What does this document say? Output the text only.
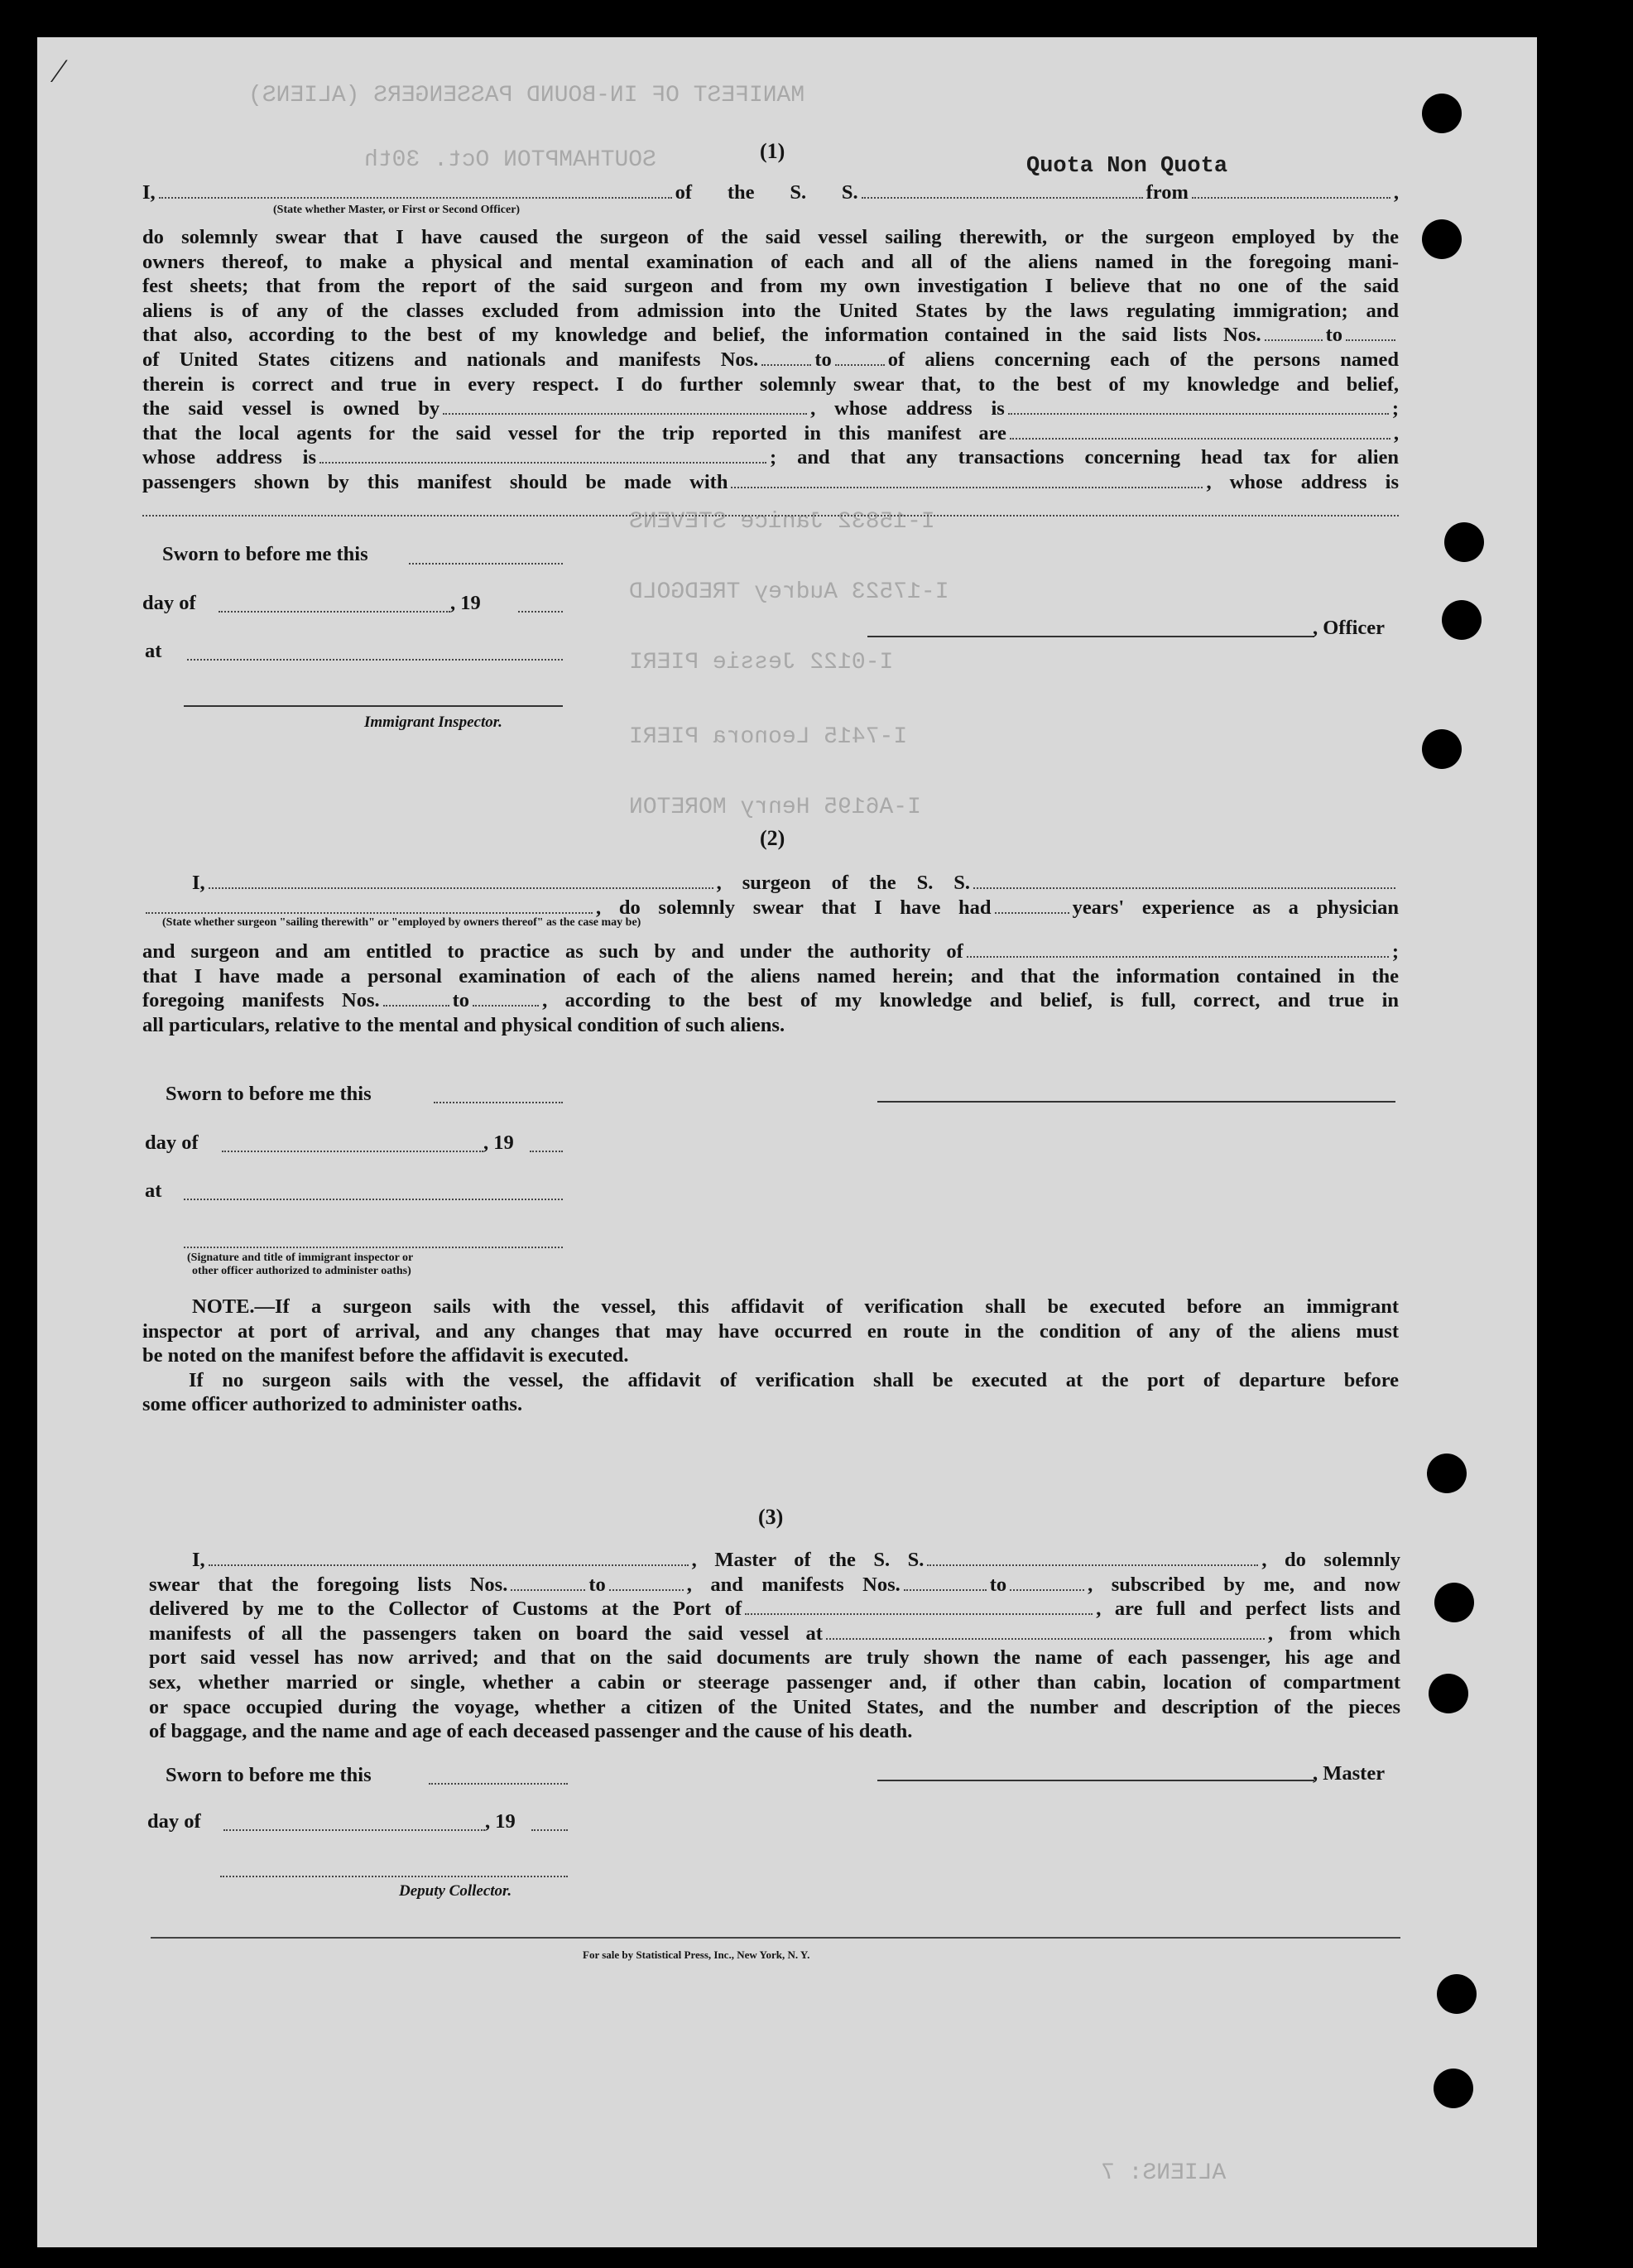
⁄
MANIFEST OF IN-BOUND PASSENGERS (ALIENS)
SOUTHAMPTON Oct. 30th
I-15832 Janice STEVENS
I-17523 Audrey TREDGOLD
I-0122 Jessie PIERI
I-7415 Leonora PIERI
I-A6195 Henry MORETON
ALIENS: 7
Quota Non Quota
(1)

I,	of the S. S.	from	,

(State whether Master, or First or Second Officer)

do solemnly swear that I have caused the surgeon of the said vessel sailing therewith, or the surgeon employed by the

owners thereof, to make a physical and mental examination of each and all of the aliens named in the foregoing mani-

fest sheets; that from the report of the said surgeon and from my own investigation I believe that no one of the said

aliens is of any of the classes excluded from admission into the United States by the laws regulating immigration; and

that also, according to the best of my knowledge and belief, the information contained in the said lists Nos.	to

of United States citizens and nationals and manifests Nos.	to	of aliens concerning each of the persons named

therein is correct and true in every respect. I do further solemnly swear that, to the best of my knowledge and belief,

the said vessel is owned by	, whose address is	;

that the local agents for the said vessel for the trip reported in this manifest are	,

whose address is	; and that any transactions concerning head tax for alien

passengers shown by this manifest should be made with	, whose address is

Sworn to before me this
day of	, 19
at
Immigrant Inspector.
, Officer
(2)

I,	, surgeon of the S. S.

, do solemnly swear that I have had	years' experience as a physician

(State whether surgeon "sailing therewith" or "employed by owners thereof" as the case may be)

and surgeon and am entitled to practice as such by and under the authority of	;

that I have made a personal examination of each of the aliens named herein; and that the information contained in the

foregoing manifests Nos.	to	, according to the best of my knowledge and belief, is full, correct, and true in

all particulars, relative to the mental and physical condition of such aliens.

Sworn to before me this
day of	, 19
at
(Signature and title of immigrant inspector or
other officer authorized to administer oaths)

NOTE.—If a surgeon sails with the vessel, this affidavit of verification shall be executed before an immigrant

inspector at port of arrival, and any changes that may have occurred en route in the condition of any of the aliens must

be noted on the manifest before the affidavit is executed.

If no surgeon sails with the vessel, the affidavit of verification shall be executed at the port of departure before

some officer authorized to administer oaths.

(3)

I,	, Master of the S. S.	, do solemnly

swear that the foregoing lists Nos.	to	, and manifests Nos.	to	, subscribed by me, and now

delivered by me to the Collector of Customs at the Port of	, are full and perfect lists and

manifests of all the passengers taken on board the said vessel at	, from which

port said vessel has now arrived; and that on the said documents are truly shown the name of each passenger, his age and

sex, whether married or single, whether a cabin or steerage passenger and, if other than cabin, location of compartment

or space occupied during the voyage, whether a citizen of the United States, and the number and description of the pieces

of baggage, and the name and age of each deceased passenger and the cause of his death.

Sworn to before me this
day of	, 19
Deputy Collector.
, Master
For sale by Statistical Press, Inc., New York, N. Y.
